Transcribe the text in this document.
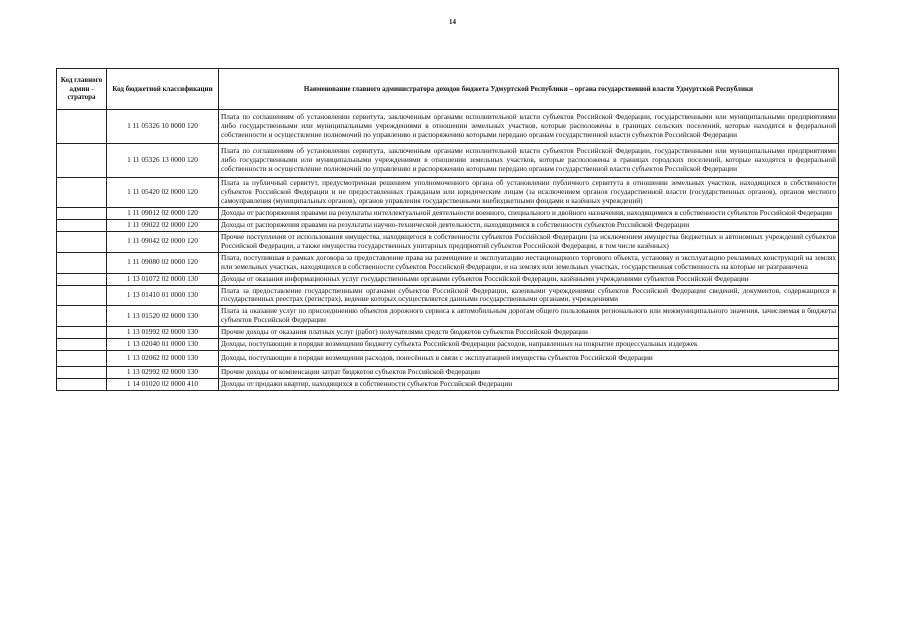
14
Код главного админ - стратора	Код бюджетной классификации	Наименование главного администратора доходов бюджета Удмуртской Республики – органа государственной власти Удмуртской Республики
	1 11 05326 10 0000 120	Плата по соглашениям об установлении сервитута, заключенным органами исполнительной власти субъектов Российской Федерации, государственными или муниципальными предприятиями либо государственными или муниципальными учреждениями в отношении земельных участков, которые расположены в границах сельских поселений, которые находятся в федеральной собственности и осуществление полномочий по управлению и распоряжению которыми передано органам государственной власти субъектов Российской Федерации
	1 11 05326 13 0000 120	Плата по соглашениям об установлении сервитута, заключенным органами исполнительной власти субъектов Российской Федерации, государственными или муниципальными предприятиями либо государственными или муниципальными учреждениями в отношении земельных участков, которые расположены в границах городских поселений, которые находятся в федеральной собственности и осуществление полномочий по управлению и распоряжению которыми передано органам государственной власти субъектов Российской Федерации
	1 11 05420 02 0000 120	Плата за публичный сервитут, предусмотренная решением уполномоченного органа об установлении публичного сервитута в отношении земельных участков, находящихся в собственности субъектов Российской Федерации и не предоставленных гражданам или юридическим лицам (за исключением органов государственной власти (государственных органов), органов местного самоуправления (муниципальных органов), органов управления государственными внебюджетными фондами и казённых учреждений)
	1 11 09012 02 0000 120	Доходы от распоряжения правами на результаты интеллектуальной деятельности военного, специального и двойного назначения, находящимися в собственности субъектов Российской Федерации
	1 11 09022 02 0000 120	Доходы от распоряжения правами на результаты научно-технической деятельности, находящимися в собственности субъектов Российской Федерации
	1 11 09042 02 0000 120	Прочие поступления от использования имущества, находящегося в собственности субъектов Российской Федерации (за исключением имущества бюджетных и автономных учреждений субъектов Российской Федерации, а также имущества государственных унитарных предприятий субъектов Российской Федерации, в том числе казённых)
	1 11 09080 02 0000 120	Плата, поступившая в рамках договора за предоставление права на размещение и эксплуатацию нестационарного торгового объекта, установку и эксплуатацию рекламных конструкций на землях или земельных участках, находящихся в собственности субъектов Российской Федерации, и на землях или земельных участках, государственная собственность на которые не разграничена
	1 13 01072 02 0000 130	Доходы от оказания информационных услуг государственными органами субъектов Российской Федерации, казёнными учреждениями субъектов Российской Федерации
	1 13 01410 01 0000 130	Плата за предоставление государственными органами субъектов Российской Федерации, казенными учреждениями субъектов Российской Федерации сведений, документов, содержащихся в государственных реестрах (регистрах), ведение которых осуществляется данными государственными органами, учреждениями
	1 13 01520 02 0000 130	Плата за оказание услуг по присоединению объектов дорожного сервиса к автомобильным дорогам общего пользования регионального или межмуниципального значения, зачисляемая в бюджеты субъектов Российской Федерации
	1 13 01992 02 0000 130	Прочие доходы от оказания платных услуг (работ) получателями средств бюджетов субъектов Российской Федерации
	1 13 02040 01 0000 130	Доходы, поступающие в порядке возмещения бюджету субъекта Российской Федерации расходов, направленных на покрытие процессуальных издержек
	1 13 02062 02 0000 130	Доходы, поступающие в порядке возмещения расходов, понесённых в связи с эксплуатацией имущества субъектов Российской Федерации
	1 13 02992 02 0000 130	Прочие доходы от компенсации затрат бюджетов субъектов Российской Федерации
	1 14 01020 02 0000 410	Доходы от продажи квартир, находящихся в собственности субъектов Российской Федерации
